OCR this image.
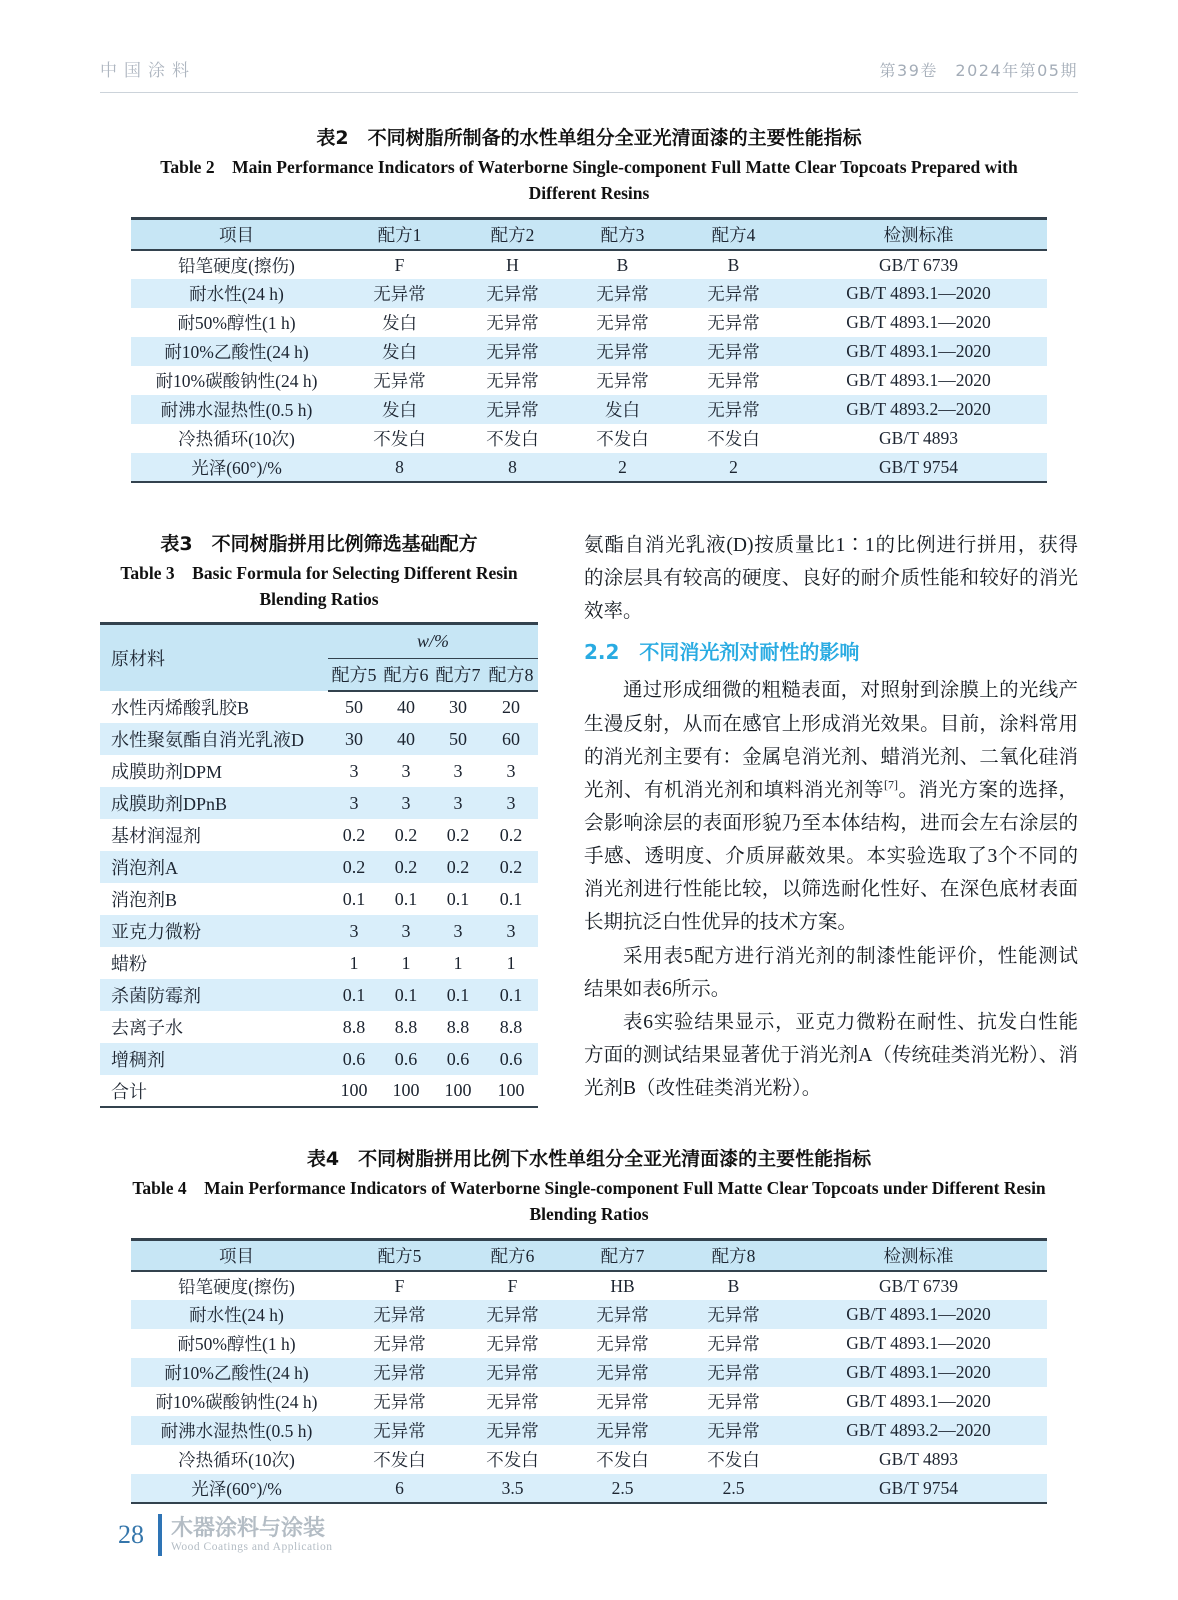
中国涂料	第39卷　2024年第05期
表2　不同树脂所制备的水性单组分全亚光清面漆的主要性能指标
Table 2　Main Performance Indicators of Waterborne Single-component Full Matte Clear Topcoats Prepared with
Different Resins
项目	配方1	配方2	配方3	配方4	检测标准
铅笔硬度(擦伤)	F	H	B	B	GB/T 6739
耐水性(24 h)	无异常	无异常	无异常	无异常	GB/T 4893.1—2020
耐50%醇性(1 h)	发白	无异常	无异常	无异常	GB/T 4893.1—2020
耐10%乙酸性(24 h)	发白	无异常	无异常	无异常	GB/T 4893.1—2020
耐10%碳酸钠性(24 h)	无异常	无异常	无异常	无异常	GB/T 4893.1—2020
耐沸水湿热性(0.5 h)	发白	无异常	发白	无异常	GB/T 4893.2—2020
冷热循环(10次)	不发白	不发白	不发白	不发白	GB/T 4893
光泽(60°)/%	8	8	2	2	GB/T 9754
表3　不同树脂拼用比例筛选基础配方
Table 3　Basic Formula for Selecting Different Resin
Blending Ratios
原材料	w/%			
	配方5	配方6	配方7	配方8
水性丙烯酸乳胶B	50	40	30	20
水性聚氨酯自消光乳液D	30	40	50	60
成膜助剂DPM	3	3	3	3
成膜助剂DPnB	3	3	3	3
基材润湿剂	0.2	0.2	0.2	0.2
消泡剂A	0.2	0.2	0.2	0.2
消泡剂B	0.1	0.1	0.1	0.1
亚克力微粉	3	3	3	3
蜡粉	1	1	1	1
杀菌防霉剂	0.1	0.1	0.1	0.1
去离子水	8.8	8.8	8.8	8.8
增稠剂	0.6	0.6	0.6	0.6
合计	100	100	100	100

氨酯自消光乳液(D)按质量比1∶1的比例进行拼用，获得的涂层具有较高的硬度、良好的耐介质性能和较好的消光效率。

2.2　不同消光剂对耐性的影响

通过形成细微的粗糙表面，对照射到涂膜上的光线产生漫反射，从而在感官上形成消光效果。目前，涂料常用的消光剂主要有：金属皂消光剂、蜡消光剂、二氧化硅消光剂、有机消光剂和填料消光剂等[7]。消光方案的选择，会影响涂层的表面形貌乃至本体结构，进而会左右涂层的手感、透明度、介质屏蔽效果。本实验选取了3个不同的消光剂进行性能比较，以筛选耐化性好、在深色底材表面长期抗泛白性优异的技术方案。

采用表5配方进行消光剂的制漆性能评价，性能测试结果如表6所示。

表6实验结果显示，亚克力微粉在耐性、抗发白性能方面的测试结果显著优于消光剂A（传统硅类消光粉）、消光剂B（改性硅类消光粉）。

表4　不同树脂拼用比例下水性单组分全亚光清面漆的主要性能指标
Table 4　Main Performance Indicators of Waterborne Single-component Full Matte Clear Topcoats under Different Resin
Blending Ratios
项目	配方5	配方6	配方7	配方8	检测标准
铅笔硬度(擦伤)	F	F	HB	B	GB/T 6739
耐水性(24 h)	无异常	无异常	无异常	无异常	GB/T 4893.1—2020
耐50%醇性(1 h)	无异常	无异常	无异常	无异常	GB/T 4893.1—2020
耐10%乙酸性(24 h)	无异常	无异常	无异常	无异常	GB/T 4893.1—2020
耐10%碳酸钠性(24 h)	无异常	无异常	无异常	无异常	GB/T 4893.1—2020
耐沸水湿热性(0.5 h)	无异常	无异常	无异常	无异常	GB/T 4893.2—2020
冷热循环(10次)	不发白	不发白	不发白	不发白	GB/T 4893
光泽(60°)/%	6	3.5	2.5	2.5	GB/T 9754
28 木器涂料与涂装
Wood Coatings and Application
